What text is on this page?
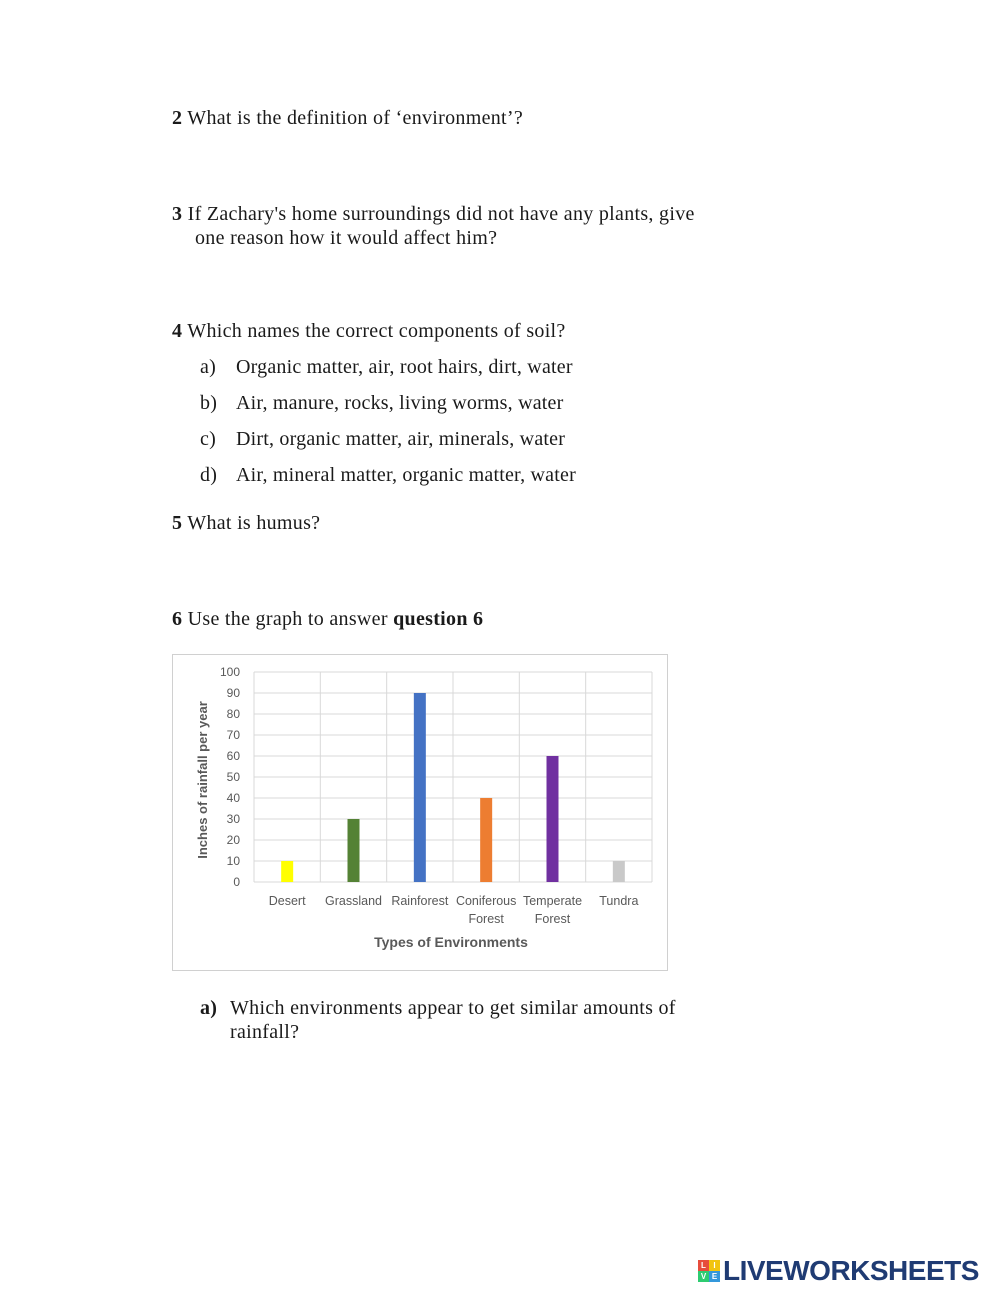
2 What is the definition of ‘environment’?
3 If Zachary's home surroundings did not have any plants, give
one reason how it would affect him?
4 Which names the correct components of soil?
a) Organic matter, air, root hairs, dirt, water
b) Air, manure, rocks, living worms, water
c) Dirt, organic matter, air, minerals, water
d) Air, mineral matter, organic matter, water
5 What is humus?
6 Use the graph to answer question 6
0
10
20
30
40
50
60
70
80
90
100
Desert Grassland Rainforest Coniferous
Forest
Temperate
Forest
Tundra
Inches of rainfall per year
Types of Environments
a) Which environments appear to get similar amounts of rainfall?
L I
V E LIVEWORKSHEETS
